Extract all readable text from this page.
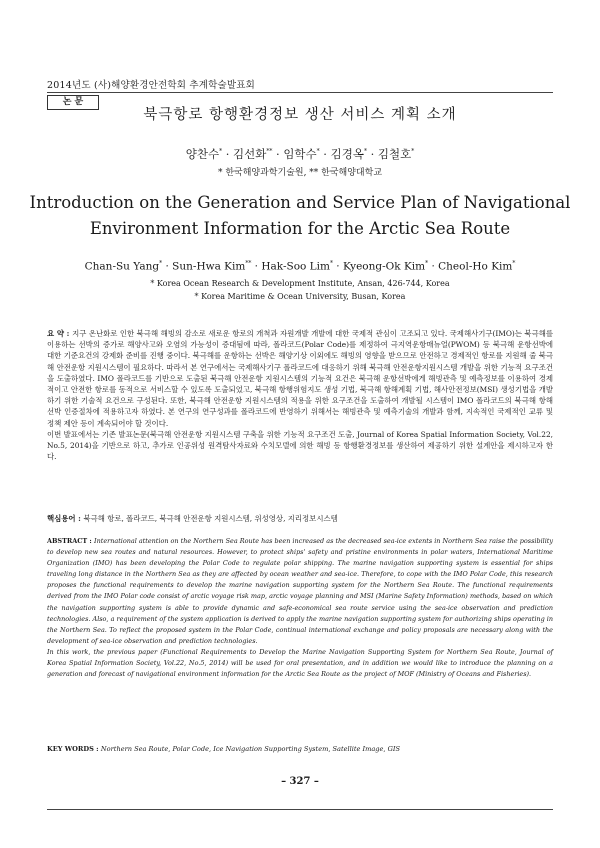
2014년도 (사)해양환경안전학회 추계학술발표회
논 문
북극항로 항행환경정보 생산 서비스 계획 소개
양찬수* · 김선화** · 임학수* · 김경옥* · 김철호*
* 한국해양과학기술원, ** 한국해양대학교
Introduction on the Generation and Service Plan of Navigational
Environment Information for the Arctic Sea Route
Chan-Su Yang* · Sun-Hwa Kim** · Hak-Soo Lim* · Kyeong-Ok Kim* · Cheol-Ho Kim*
* Korea Ocean Research & Development Institute, Ansan, 426-744, Korea
* Korea Maritime & Ocean University, Busan, Korea

요 약 : 지구 온난화로 인한 북극해 해빙의 감소로 새로운 항로의 개척과 자원개발 개발에 대한 국제적 관심이 고조되고 있다. 국제해사기구(IMO)는 북극해를 이용하는 선박의 증가로 해양사고와 오염의 가능성이 증대됨에 따라, 폴라코드(Polar Code)를 제정하여 극지역운항매뉴얼(PWOM) 등 북극해 운항선박에 대한 기준요건의 강제화 준비를 진행 중이다. 북극해를 운항하는 선박은 해양기상 이외에도 해빙의 영향을 받으므로 안전하고 경제적인 항로를 지원해 줄 북극해 안전운항 지원시스템이 필요하다. 따라서 본 연구에서는 국제해사기구 폴라코드에 대응하기 위해 북극해 안전운항지원시스템 개발을 위한 기능적 요구조건을 도출하였다. IMO 폴라코드를 기반으로 도출된 북극해 안전운항 지원시스템의 기능적 요건은 북극해 운항선박에게 해빙관측 및 예측정보를 이용하여 경제적이고 안전한 항로를 동적으로 서비스할 수 있도록 도출되었고, 북극해 항행위험지도 생성 기법, 북극해 항해계획 기법, 해사안전정보(MSI) 생성기법을 개발하기 위한 기술적 요건으로 구성된다. 또한, 북극해 안전운항 지원시스템의 적용을 위한 요구조건을 도출하여 개발될 시스템이 IMO 폴라코드의 북극해 항해선박 인증절차에 적용하고자 하였다. 본 연구의 연구성과를 폴라코드에 반영하기 위해서는 해빙관측 및 예측기술의 개발과 함께, 지속적인 국제적인 교류 및 정책 제안 등이 계속되어야 할 것이다.
이번 발표에서는 기존 발표논문(북극해 안전운항 지원시스템 구축을 위한 기능적 요구조건 도출, Journal of Korea Spatial Information Society, Vol.22, No.5, 2014)을 기반으로 하고, 추가로 인공위성 원격탐사자료와 수치모델에 의한 해빙 등 항행환경정보를 생산하여 제공하기 위한 설계안을 제시하고자 한다.

핵심용어 : 북극해 항로, 폴라코드, 북극해 안전운항 지원시스템, 위성영상, 지리정보시스템

ABSTRACT : International attention on the Northern Sea Route has been increased as the decreased sea-ice extents in Northern Sea raise the possibility to develop new sea routes and natural resources. However, to protect ships' safety and pristine environments in polar waters, International Maritime Organization (IMO) has been developing the Polar Code to regulate polar shipping. The marine navigation supporting system is essential for ships traveling long distance in the Northern Sea as they are affected by ocean weather and sea-ice. Therefore, to cope with the IMO Polar Code, this research proposes the functional requirements to develop the marine navigation supporting system for the Northern Sea Route. The functional requirements derived from the IMO Polar code consist of arctic voyage risk map, arctic voyage planning and MSI (Marine Safety Information) methods, based on which the navigation supporting system is able to provide dynamic and safe-economical sea route service using the sea-ice observation and prediction technologies. Also, a requirement of the system application is derived to apply the marine navigation supporting system for authorizing ships operating in the Northern Sea. To reflect the proposed system in the Polar Code, continual international exchange and policy proposals are necessary along with the development of sea-ice observation and prediction technologies.
In this work, the previous paper (Functional Requirements to Develop the Marine Navigation Supporting System for Northern Sea Route, Journal of Korea Spatial Information Society, Vol.22, No.5, 2014) will be used for oral presentation, and in addition we would like to introduce the planning on a generation and forecast of navigational environment information for the Arctic Sea Route as the project of MOF (Ministry of Oceans and Fisheries).

KEY WORDS : Northern Sea Route, Polar Code, Ice Navigation Supporting System, Satellite Image, GIS

– 327 –
